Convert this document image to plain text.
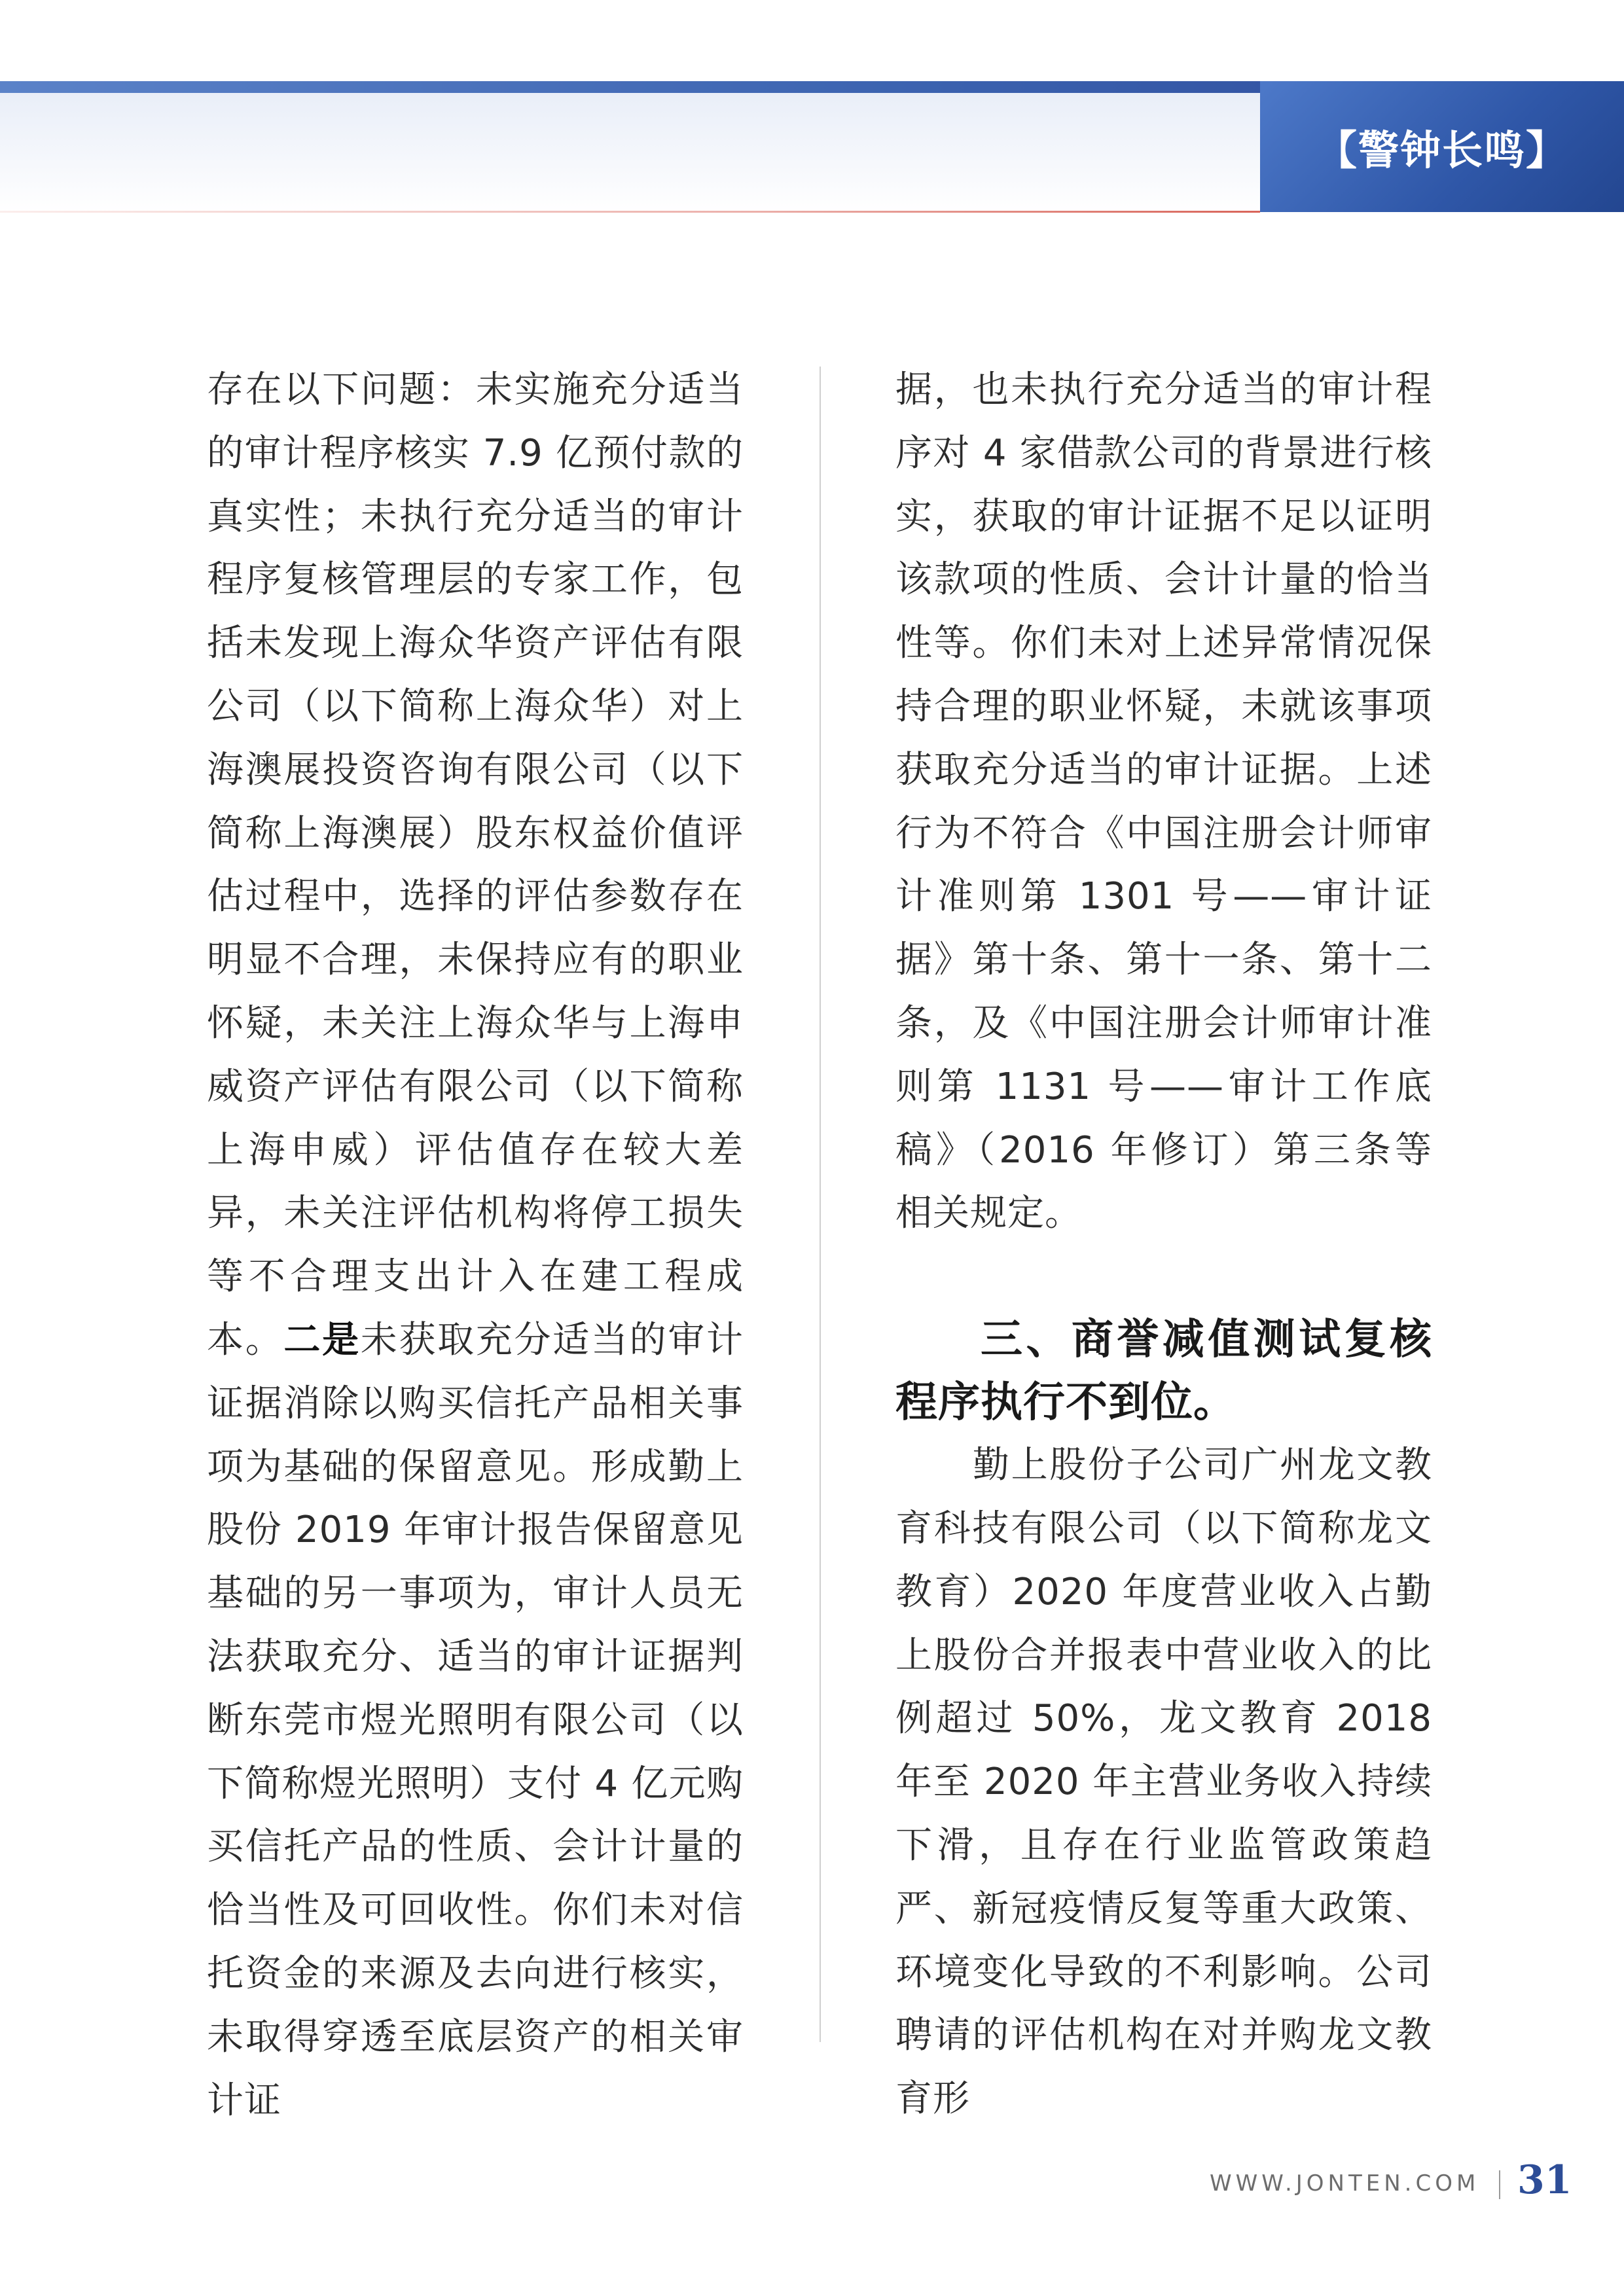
【警钟长鸣】

存在以下问题：未实施充分适当的审计程序核实 7.9 亿预付款的真实性；未执行充分适当的审计程序复核管理层的专家工作，包括未发现上海众华资产评估有限公司（以下简称上海众华）对上海澳展投资咨询有限公司（以下简称上海澳展）股东权益价值评估过程中，选择的评估参数存在明显不合理，未保持应有的职业怀疑，未关注上海众华与上海申威资产评估有限公司（以下简称上海申威）评估值存在较大差异，未关注评估机构将停工损失等不合理支出计入在建工程成本。二是未获取充分适当的审计证据消除以购买信托产品相关事项为基础的保留意见。形成勤上股份 2019 年审计报告保留意见基础的另一事项为，审计人员无法获取充分、适当的审计证据判断东莞市煜光照明有限公司（以下简称煜光照明）支付 4 亿元购买信托产品的性质、会计计量的恰当性及可回收性。你们未对信托资金的来源及去向进行核实，未取得穿透至底层资产的相关审计证

据，也未执行充分适当的审计程序对 4 家借款公司的背景进行核实，获取的审计证据不足以证明该款项的性质、会计计量的恰当性等。你们未对上述异常情况保持合理的职业怀疑，未就该事项获取充分适当的审计证据。上述行为不符合《中国注册会计师审计准则第 1301 号——审计证据》第十条、第十一条、第十二条，及《中国注册会计师审计准则第 1131 号——审计工作底稿》（2016 年修订）第三条等相关规定。

三、商誉减值测试复核程序执行不到位。

勤上股份子公司广州龙文教育科技有限公司（以下简称龙文教育）2020 年度营业收入占勤上股份合并报表中营业收入的比例超过 50%，龙文教育 2018 年至 2020 年主营业务收入持续下滑，且存在行业监管政策趋严、新冠疫情反复等重大政策、环境变化导致的不利影响。公司聘请的评估机构在对并购龙文教育形

WWW.JONTEN.COM 31
